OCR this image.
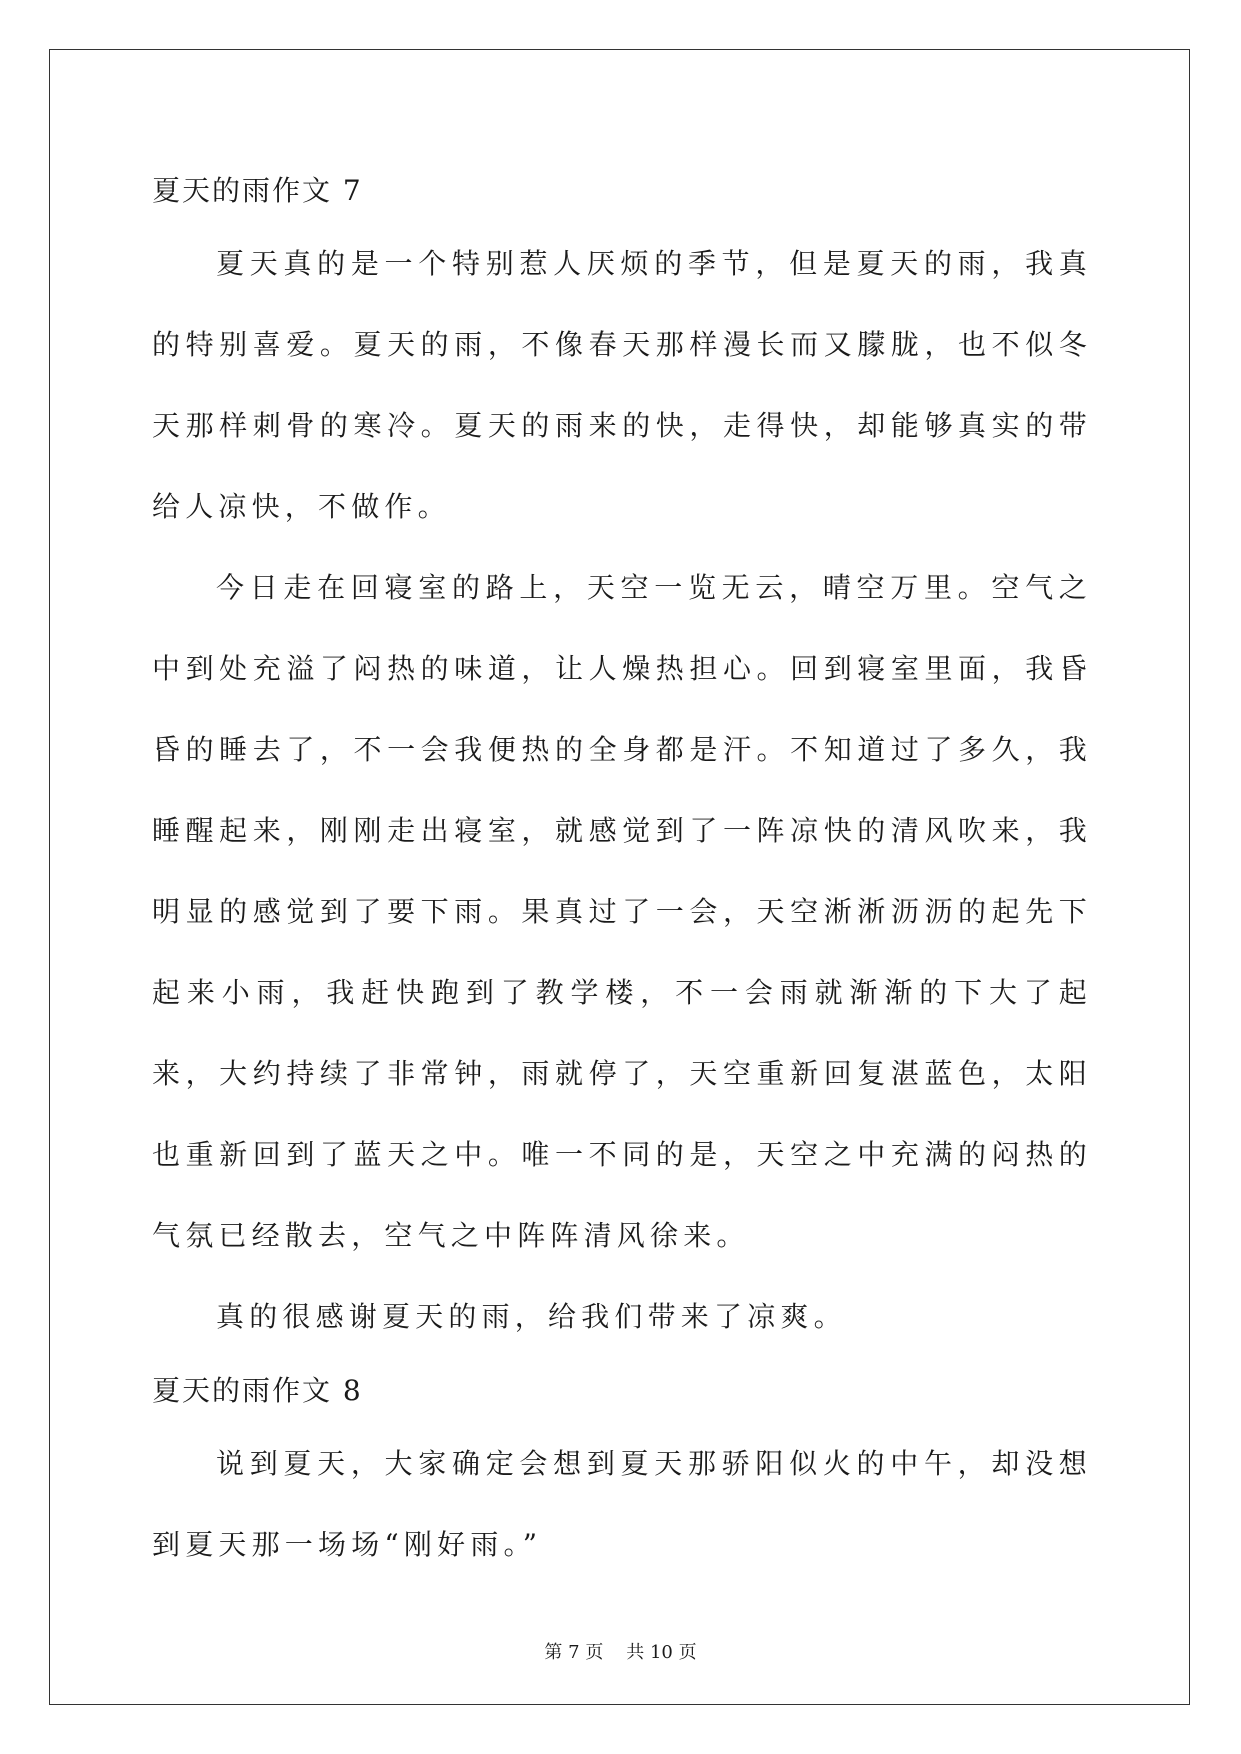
夏天的雨作文 7

夏天真的是一个特别惹人厌烦的季节，但是夏天的雨，我真的特别喜爱。夏天的雨，不像春天那样漫长而又朦胧，也不似冬天那样刺骨的寒冷。夏天的雨来的快，走得快，却能够真实的带给人凉快，不做作。

今日走在回寝室的路上，天空一览无云，晴空万里。空气之中到处充溢了闷热的味道，让人燥热担心。回到寝室里面，我昏昏的睡去了，不一会我便热的全身都是汗。不知道过了多久，我睡醒起来，刚刚走出寝室，就感觉到了一阵凉快的清风吹来，我明显的感觉到了要下雨。果真过了一会，天空淅淅沥沥的起先下起来小雨，我赶快跑到了教学楼，不一会雨就渐渐的下大了起来，大约持续了非常钟，雨就停了，天空重新回复湛蓝色，太阳也重新回到了蓝天之中。唯一不同的是，天空之中充满的闷热的气氛已经散去，空气之中阵阵清风徐来。

真的很感谢夏天的雨，给我们带来了凉爽。

夏天的雨作文 8

说到夏天，大家确定会想到夏天那骄阳似火的中午，却没想到夏天那一场场“刚好雨。”

第 7 页 共 10 页
